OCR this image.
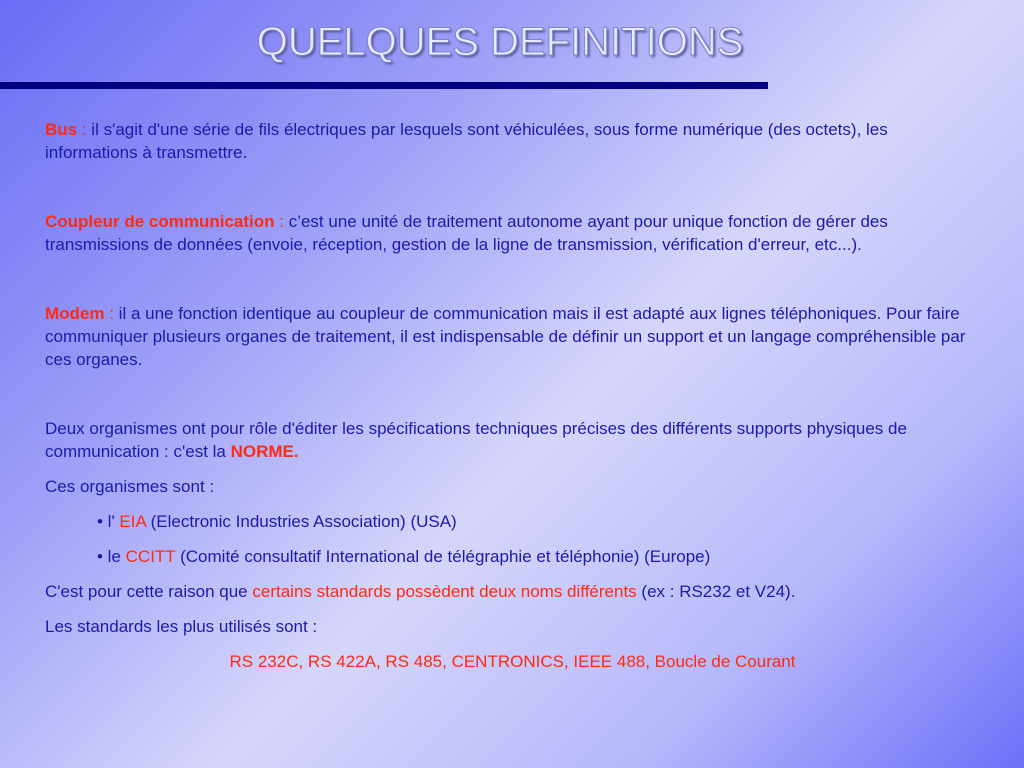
QUELQUES DEFINITIONS

Bus : il s'agit d'une série de fils électriques par lesquels sont véhiculées, sous forme numérique (des octets), les informations à transmettre.

Coupleur de communication : c’est une unité de traitement autonome ayant pour unique fonction de gérer des transmissions de données (envoie, réception, gestion de la ligne de transmission, vérification d'erreur, etc...).

Modem : il a une fonction identique au coupleur de communication mais il est adapté aux lignes téléphoniques. Pour faire communiquer plusieurs organes de traitement, il est indispensable de définir un support et un langage compréhensible par ces organes.

Deux organismes ont pour rôle d'éditer les spécifications techniques précises des différents supports physiques de communication : c'est la NORME.

Ces organismes sont :

• l' EIA (Electronic Industries Association) (USA)

• le CCITT (Comité consultatif International de télégraphie et téléphonie) (Europe)

C'est pour cette raison que certains standards possèdent deux noms différents (ex : RS232 et V24).

Les standards les plus utilisés sont :

RS 232C, RS 422A, RS 485, CENTRONICS, IEEE 488, Boucle de Courant
